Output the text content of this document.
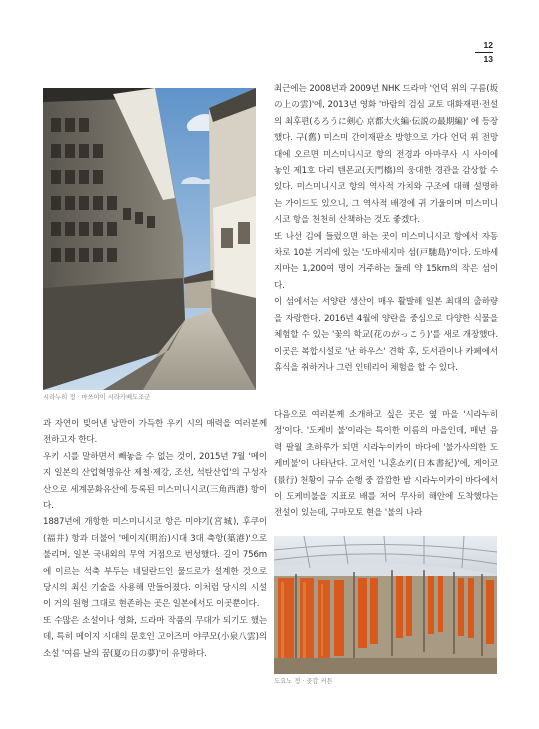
12
13
시라누히 정 · 마쓰야이 시라카베도조군

최근에는 2008년과 2009년 NHK 드라마 '언덕 위의 구름(坂の上の雲)'에, 2013년 영화 '바람의 검심 교토 대화재편·전설의 최후편(るろうに剣心 京都大火編·伝説の最期編)' 에 등장했다. 구(舊) 미스미 간이재판소 방향으로 가다 언덕 위 전망대에 오르면 미스미니시코 항의 전경과 아마쿠사 시 사이에 놓인 제1호 다리 텐몬교(天門橋)의 웅대한 경관을 감상할 수 있다. 미스미니시코 항의 역사적 가치와 구조에 대해 설명하는 가이드도 있으니, 그 역사적 배경에 귀 기울이며 미스미니시코 항을 천천히 산책하는 것도 좋겠다.

또 나선 김에 들렀으면 하는 곳이 미스미니시코 항에서 자동차로 10분 거리에 있는 '도바세지마 섬(戸馳島)'이다. 도바세지마는 1,200여 명이 거주하는 둘레 약 15km의 작은 섬이다.

이 섬에서는 서양란 생산이 매우 활발해 일본 최대의 출하량을 자랑한다. 2016년 4월에 양란을 중심으로 다양한 식물을 체험할 수 있는 '꽃의 학교(花のがっこう)'를 새로 개장했다. 이곳은 복합시설로 '난 하우스' 견학 후, 도서관이나 카페에서 휴식을 취하거나 그런 인테리어 체험을 할 수 있다.

과 자연이 빚어낸 낭만이 가득한 우키 시의 매력을 여러분께 전하고자 한다.

우키 시를 말하면서 빼놓을 수 없는 것이, 2015년 7월 '메이지 일본의 산업혁명유산 제철·제강, 조선, 석탄산업'의 구성자산으로 세계문화유산에 등록된 미스미니시코(三角西港) 항이다.

1887년에 개항한 미스미니시코 항은 미야기(宮城), 후쿠이(福井) 항과 더불어 '메이지(明治)시대 3대 축항(築港)'으로 불리며, 일본 국내외의 무역 거점으로 번성했다. 길이 756m에 이르는 석축 부두는 네덜란드인 물드로가 설계한 것으로 당시의 최신 기술을 사용해 만들어졌다. 이처럼 당시의 시설이 거의 원형 그대로 현존하는 곳은 일본에서도 이곳뿐이다.

또 수많은 소설이나 영화, 드라마 작품의 무대가 되기도 했는데, 특히 메이지 시대의 문호인 고이즈미 야쿠모(小泉八雲)의 소설 '여름 날의 꿈(夏の日の夢)'이 유명하다.

다음으로 여러분께 소개하고 싶은 곳은 옆 마을 '시라누히정'이다. '도케비 불'이라는 특이한 이름의 마을인데, 매년 음력 팔월 초하루가 되면 시라누이카이 바다에 '불가사의한 도케비불'이 나타난다. 고서인 '니혼쇼키(日本書紀)'에, 게이코(景行) 천황이 규슈 순행 중 깜깜한 밤 시라누이카이 바다에서 이 도케비불을 지표로 배를 저어 무사히 해안에 도착했다는 전설이 있는데, 구마모토 현을 '불의 나라

도요노 정 · 곶감 커튼
